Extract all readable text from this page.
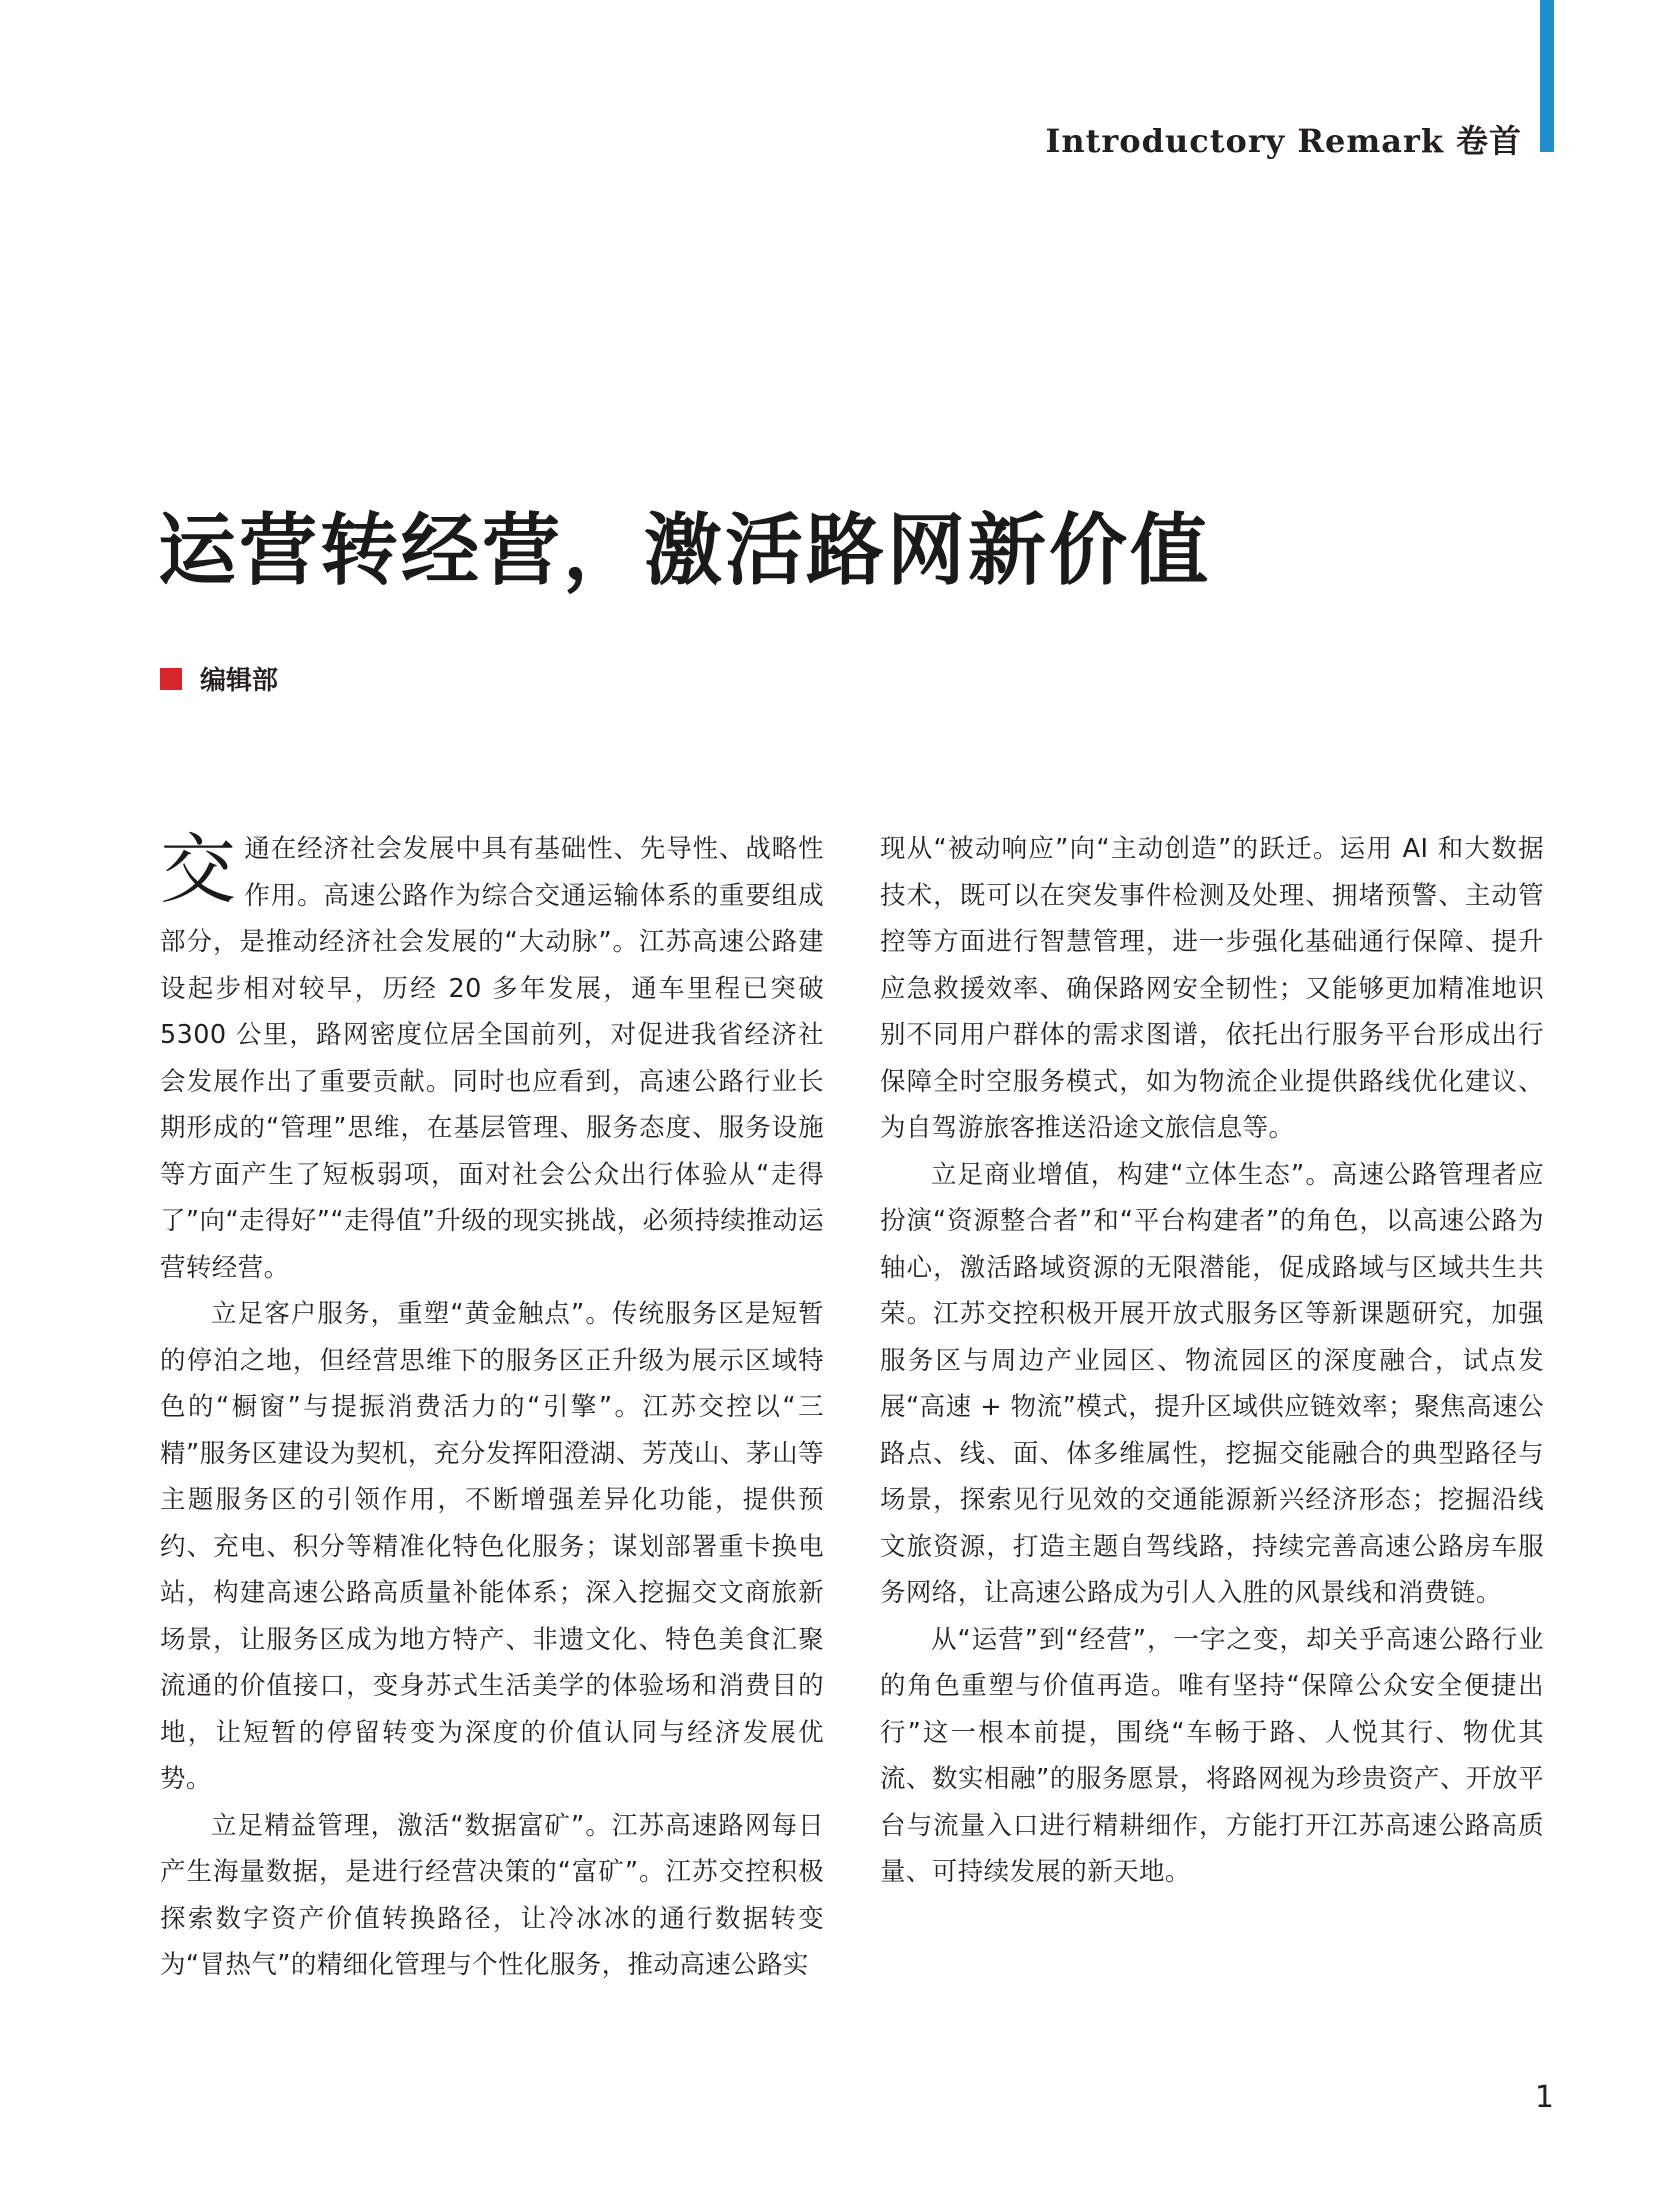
Introductory Remark 卷首
运营转经营，激活路网新价值
编辑部

交通在经济社会发展中具有基础性、先导性、战略性作用。高速公路作为综合交通运输体系的重要组成部分，是推动经济社会发展的“大动脉”。江苏高速公路建设起步相对较早，历经 20 多年发展，通车里程已突破 5300 公里，路网密度位居全国前列，对促进我省经济社会发展作出了重要贡献。同时也应看到，高速公路行业长期形成的“管理”思维，在基层管理、服务态度、服务设施等方面产生了短板弱项，面对社会公众出行体验从“走得了”向“走得好”“走得值”升级的现实挑战，必须持续推动运营转经营。

立足客户服务，重塑“黄金触点”。传统服务区是短暂的停泊之地，但经营思维下的服务区正升级为展示区域特色的“橱窗”与提振消费活力的“引擎”。江苏交控以“三精”服务区建设为契机，充分发挥阳澄湖、芳茂山、茅山等主题服务区的引领作用，不断增强差异化功能，提供预约、充电、积分等精准化特色化服务；谋划部署重卡换电站，构建高速公路高质量补能体系；深入挖掘交文商旅新场景，让服务区成为地方特产、非遗文化、特色美食汇聚流通的价值接口，变身苏式生活美学的体验场和消费目的地，让短暂的停留转变为深度的价值认同与经济发展优势。

立足精益管理，激活“数据富矿”。江苏高速路网每日产生海量数据，是进行经营决策的“富矿”。江苏交控积极探索数字资产价值转换路径，让冷冰冰的通行数据转变为“冒热气”的精细化管理与个性化服务，推动高速公路实

现从“被动响应”向“主动创造”的跃迁。运用 AI 和大数据技术，既可以在突发事件检测及处理、拥堵预警、主动管控等方面进行智慧管理，进一步强化基础通行保障、提升应急救援效率、确保路网安全韧性；又能够更加精准地识别不同用户群体的需求图谱，依托出行服务平台形成出行保障全时空服务模式，如为物流企业提供路线优化建议、为自驾游旅客推送沿途文旅信息等。

立足商业增值，构建“立体生态”。高速公路管理者应扮演“资源整合者”和“平台构建者”的角色，以高速公路为轴心，激活路域资源的无限潜能，促成路域与区域共生共荣。江苏交控积极开展开放式服务区等新课题研究，加强服务区与周边产业园区、物流园区的深度融合，试点发展“高速 + 物流”模式，提升区域供应链效率；聚焦高速公路点、线、面、体多维属性，挖掘交能融合的典型路径与场景，探索见行见效的交通能源新兴经济形态；挖掘沿线文旅资源，打造主题自驾线路，持续完善高速公路房车服务网络，让高速公路成为引人入胜的风景线和消费链。

从“运营”到“经营”，一字之变，却关乎高速公路行业的角色重塑与价值再造。唯有坚持“保障公众安全便捷出行”这一根本前提，围绕“车畅于路、人悦其行、物优其流、数实相融”的服务愿景，将路网视为珍贵资产、开放平台与流量入口进行精耕细作，方能打开江苏高速公路高质量、可持续发展的新天地。

1
